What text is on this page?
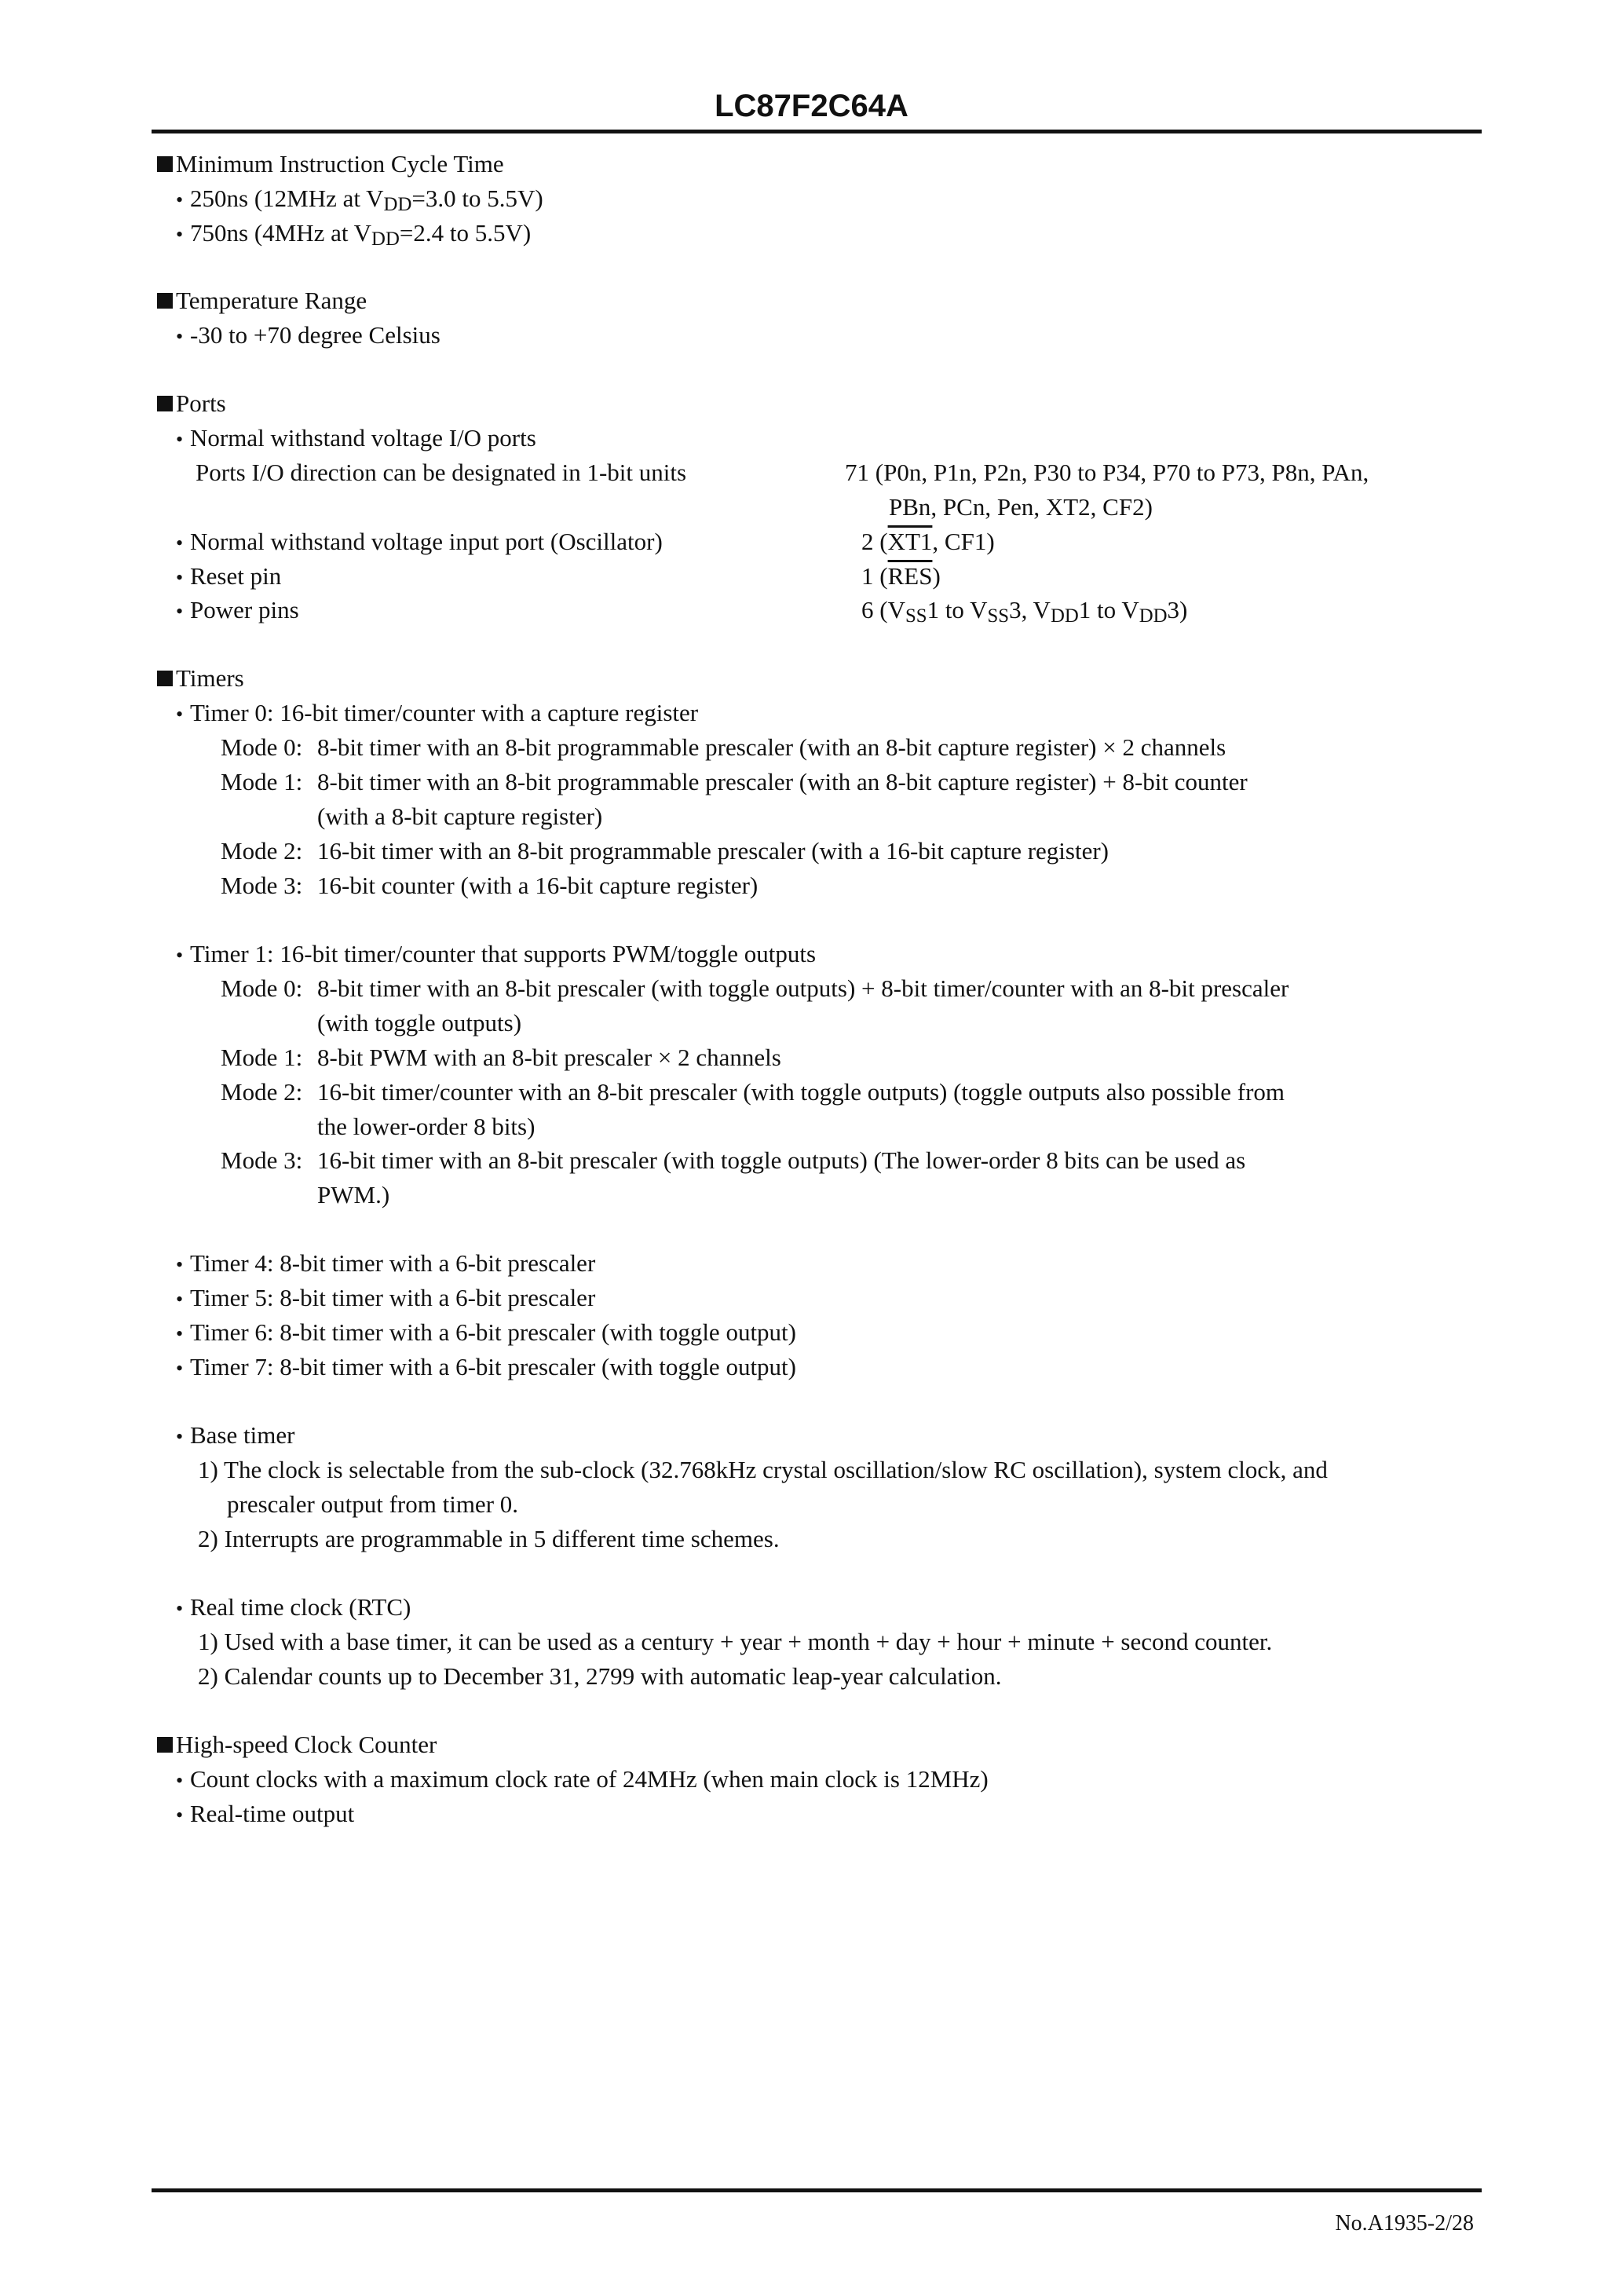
LC87F2C64A
Minimum Instruction Cycle Time
• 250ns (12MHz at $V_{DD}=3.0$ to 5.5V)
• 750ns (4MHz at $V_{DD}=2.4$ to 5.5V)
Temperature Range
• -30 to +70 degree Celsius
Ports
• Normal withstand voltage I/O ports
Ports I/O direction can be designated in 1-bit units	71 (P0n, P1n, P2n, P30 to P34, P70 to P73, P8n, PAn,
PBn, PCn, Pen, XT2, CF2)
• Normal withstand voltage input port (Oscillator)	2 (XT1, CF1)
• Reset pin	1 $(\overline{RES})$
• Power pins	6 ($V_{SS}1$ to $V_{SS}3$, $V_{DD}1$ to $V_{DD}3$)
Timers
• Timer 0: 16-bit timer/counter with a capture register
Mode 0: 8-bit timer with an 8-bit programmable prescaler (with an 8-bit capture register) × 2 channels
Mode 1: 8-bit timer with an 8-bit programmable prescaler (with an 8-bit capture register) + 8-bit counter
(with a 8-bit capture register)
Mode 2: 16-bit timer with an 8-bit programmable prescaler (with a 16-bit capture register)
Mode 3: 16-bit counter (with a 16-bit capture register)
• Timer 1: 16-bit timer/counter that supports PWM/toggle outputs
Mode 0: 8-bit timer with an 8-bit prescaler (with toggle outputs) + 8-bit timer/counter with an 8-bit prescaler
(with toggle outputs)
Mode 1: 8-bit PWM with an 8-bit prescaler × 2 channels
Mode 2: 16-bit timer/counter with an 8-bit prescaler (with toggle outputs) (toggle outputs also possible from
the lower-order 8 bits)
Mode 3: 16-bit timer with an 8-bit prescaler (with toggle outputs) (The lower-order 8 bits can be used as
PWM.)
• Timer 4: 8-bit timer with a 6-bit prescaler
• Timer 5: 8-bit timer with a 6-bit prescaler
• Timer 6: 8-bit timer with a 6-bit prescaler (with toggle output)
• Timer 7: 8-bit timer with a 6-bit prescaler (with toggle output)
• Base timer
1) The clock is selectable from the sub-clock (32.768kHz crystal oscillation/slow RC oscillation), system clock, and
prescaler output from timer 0.
2) Interrupts are programmable in 5 different time schemes.
• Real time clock (RTC)
1) Used with a base timer, it can be used as a century + year + month + day + hour + minute + second counter.
2) Calendar counts up to December 31, 2799 with automatic leap-year calculation.
High-speed Clock Counter
• Count clocks with a maximum clock rate of 24MHz (when main clock is 12MHz)
• Real-time output
No.A1935-2/28
